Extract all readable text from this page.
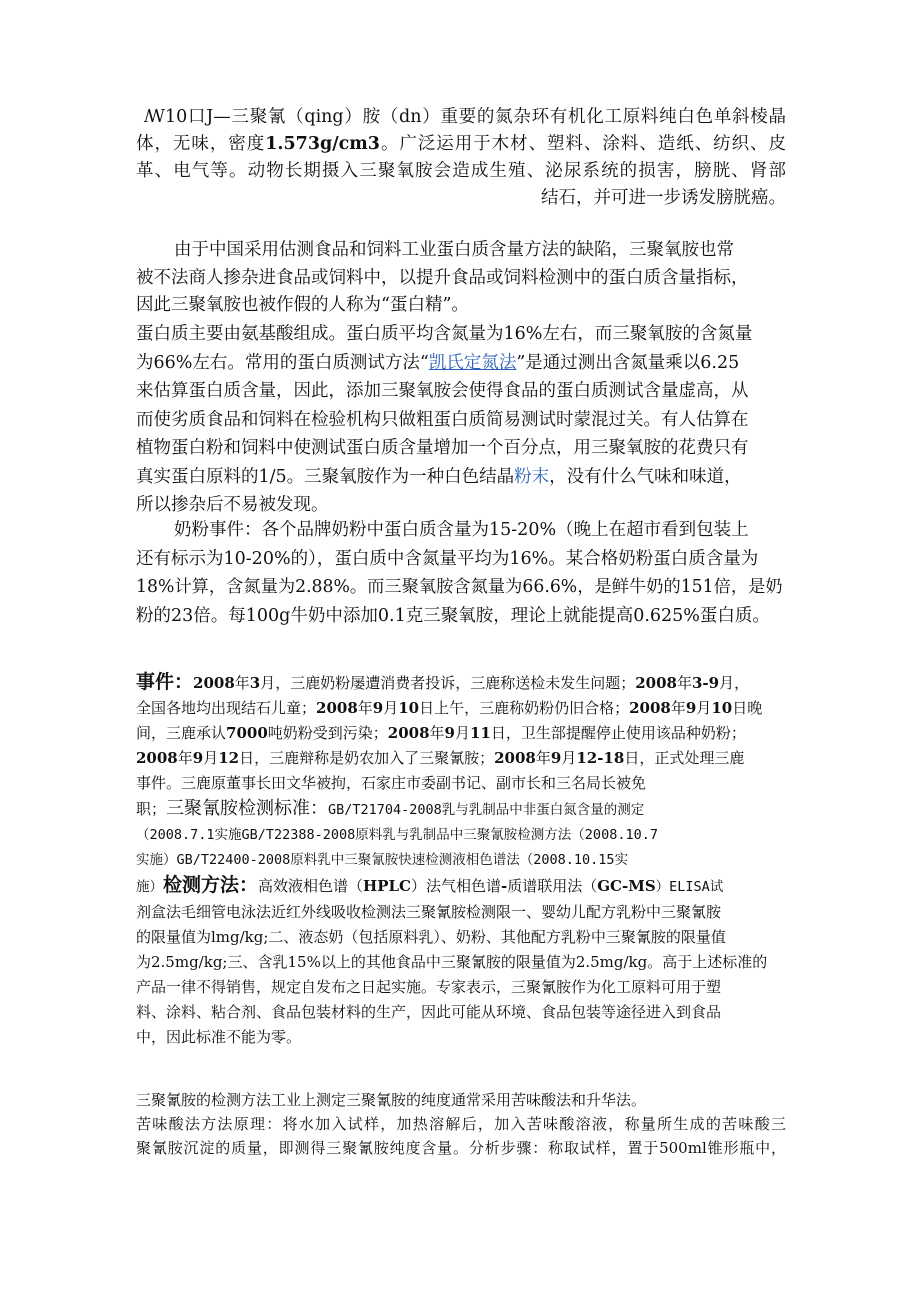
ꟿ10口J—三聚氰（qing）胺（dn）重要的氮杂环有机化工原料纯白色单斜棱晶
体，无味，密度1.573g/cm3。广泛运用于木材、塑料、涂料、造纸、纺织、皮
革、电气等。动物长期摄入三聚氧胺会造成生殖、泌尿系统的损害，膀胱、肾部
结石，并可进一步诱发膀胱癌。
由于中国采用估测食品和饲料工业蛋白质含量方法的缺陷，三聚氧胺也常
被不法商人掺杂进食品或饲料中，以提升食品或饲料检测中的蛋白质含量指标，
因此三聚氧胺也被作假的人称为“蛋白精”。
蛋白质主要由氨基酸组成。蛋白质平均含氮量为16%左右，而三聚氧胺的含氮量
为66%左右。常用的蛋白质测试方法“凯氏定氮法”是通过测出含氮量乘以6.25
来估算蛋白质含量，因此，添加三聚氧胺会使得食品的蛋白质测试含量虚高，从
而使劣质食品和饲料在检验机构只做粗蛋白质简易测试时蒙混过关。有人估算在
植物蛋白粉和饲料中使测试蛋白质含量增加一个百分点，用三聚氧胺的花费只有
真实蛋白原料的1/5。三聚氧胺作为一种白色结晶粉末，没有什么气味和味道，
所以掺杂后不易被发现。
奶粉事件：各个品牌奶粉中蛋白质含量为15-20%（晚上在超市看到包装上
还有标示为10-20%的），蛋白质中含氮量平均为16%。某合格奶粉蛋白质含量为
18%计算，含氮量为2.88%。而三聚氧胺含氮量为66.6%，是鲜牛奶的151倍，是奶
粉的23倍。每100g牛奶中添加0.1克三聚氧胺，理论上就能提高0.625%蛋白质。
事件：2008年3月，三鹿奶粉屡遭消费者投诉，三鹿称送检未发生问题；2008年3-9月，
全国各地均出现结石儿童；2008年9月10日上午，三鹿称奶粉仍旧合格；2008年9月10日晚
间，三鹿承认7000吨奶粉受到污染；2008年9月11日，卫生部提醒停止使用该品种奶粉；
2008年9月12日，三鹿辩称是奶农加入了三聚氰胺；2008年9月12-18日，正式处理三鹿
事件。三鹿原董事长田文华被拘，石家庄市委副书记、副市长和三名局长被免
职；三聚氰胺检测标准：GB/T21704-2008乳与乳制品中非蛋白氮含量的测定
（2008.7.1实施GB/T22388-2008原料乳与乳制品中三聚氰胺检测方法（2008.10.7
实施）GB/T22400-2008原料乳中三聚氰胺快速检测液相色谱法（2008.10.15实
施）检测方法：高效液相色谱（HPLC）法气相色谱-质谱联用法（GC-MS）ELISA试
剂盒法毛细管电泳法近红外线吸收检测法三聚氰胺检测限一、婴幼儿配方乳粉中三聚氰胺
的限量值为lmg/kg;二、液态奶（包括原料乳）、奶粉、其他配方乳粉中三聚氰胺的限量值
为2.5mg/kg;三、含乳15%以上的其他食品中三聚氰胺的限量值为2.5mg/kg。高于上述标准的
产品一律不得销售，规定自发布之日起实施。专家表示，三聚氰胺作为化工原料可用于塑
料、涂料、粘合剂、食品包装材料的生产，因此可能从环境、食品包装等途径进入到食品
中，因此标准不能为零。
三聚氰胺的检测方法工业上测定三聚氰胺的纯度通常采用苦味酸法和升华法。
苦味酸法方法原理：将水加入试样，加热溶解后，加入苦味酸溶液，称量所生成的苦味酸三
聚氰胺沉淀的质量，即测得三聚氰胺纯度含量。分析步骤：称取试样，置于500ml锥形瓶中，
